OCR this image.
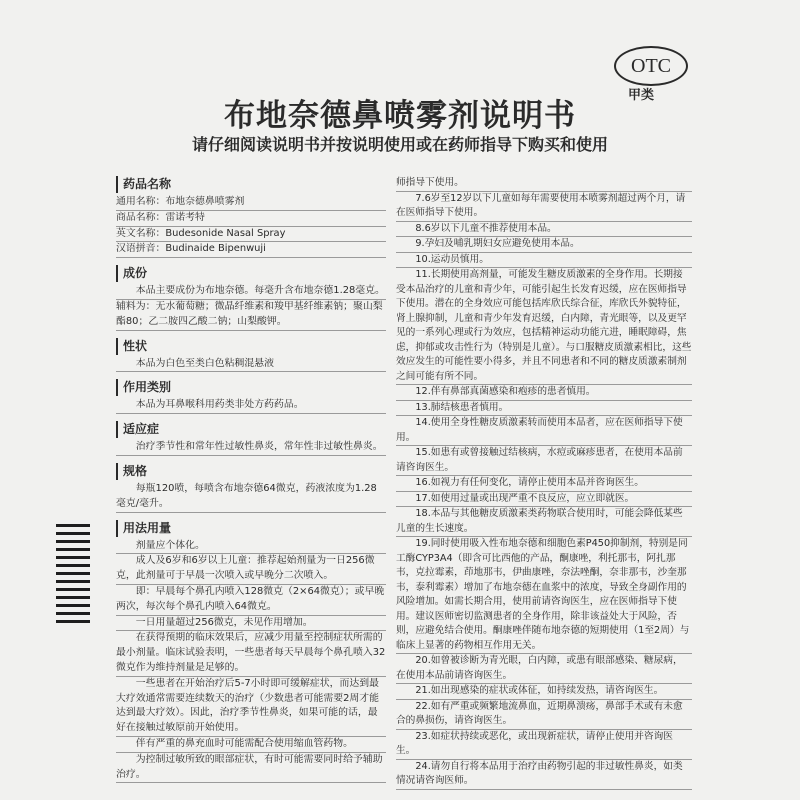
OTC
甲类
布地奈德鼻喷雾剂说明书
请仔细阅读说明书并按说明使用或在药师指导下购买和使用
药品名称
通用名称：布地奈德鼻喷雾剂
商品名称：雷诺考特
英文名称：Budesonide Nasal Spray
汉语拼音：Budinaide Bipenwuji
成份
本品主要成份为布地奈德。每毫升含布地奈德1.28毫克。
辅料为：无水葡萄糖；微晶纤维素和羧甲基纤维素钠；聚山梨酯80；乙二胺四乙酸二钠；山梨酸钾。
性状
本品为白色至类白色粘稠混悬液
作用类别
本品为耳鼻喉科用药类非处方药药品。
适应症
治疗季节性和常年性过敏性鼻炎，常年性非过敏性鼻炎。
规格
每瓶120喷，每喷含布地奈德64微克，药液浓度为1.28毫克/毫升。
用法用量
剂量应个体化。
成人及6岁和6岁以上儿童：推荐起始剂量为一日256微克，此剂量可于早晨一次喷入或早晚分二次喷入。
即：早晨每个鼻孔内喷入128微克（2×64微克）；或早晚两次，每次每个鼻孔内喷入64微克。
一日用量超过256微克，未见作用增加。
在获得预期的临床效果后，应减少用量至控制症状所需的最小剂量。临床试验表明，一些患者每天早晨每个鼻孔喷入32微克作为维持剂量是足够的。
一些患者在开始治疗后5-7小时即可缓解症状，而达到最大疗效通常需要连续数天的治疗（少数患者可能需要2周才能达到最大疗效）。因此，治疗季节性鼻炎，如果可能的话，最好在接触过敏原前开始使用。
伴有严重的鼻充血时可能需配合使用缩血管药物。
为控制过敏所致的眼部症状，有时可能需要同时给予辅助治疗。
师指导下使用。
7.6岁至12岁以下儿童如每年需要使用本喷雾剂超过两个月，请在医师指导下使用。
8.6岁以下儿童不推荐使用本品。
9.孕妇及哺乳期妇女应避免使用本品。
10.运动员慎用。
11.长期使用高剂量，可能发生糖皮质激素的全身作用。长期接受本品治疗的儿童和青少年，可能引起生长发育迟缓，应在医师指导下使用。潜在的全身效应可能包括库欣氏综合征，库欣氏外貌特征，肾上腺抑制，儿童和青少年发育迟缓，白内障，青光眼等，以及更罕见的一系列心理或行为效应，包括精神运动功能亢进，睡眠障碍，焦虑，抑郁或攻击性行为（特别是儿童）。与口服糖皮质激素相比，这些效应发生的可能性要小得多，并且不同患者和不同的糖皮质激素制剂之间可能有所不同。
12.伴有鼻部真菌感染和疱疹的患者慎用。
13.肺结核患者慎用。
14.使用全身性糖皮质激素转而使用本品者，应在医师指导下使用。
15.如患有或曾接触过结核病，水痘或麻疹患者，在使用本品前请咨询医生。
16.如视力有任何变化，请停止使用本品并咨询医生。
17.如使用过量或出现严重不良反应，应立即就医。
18.本品与其他糖皮质激素类药物联合使用时，可能会降低某些儿童的生长速度。
19.同时使用吸入性布地奈德和细胞色素P450抑制剂，特别是同工酶CYP3A4（即含可比西他的产品，酮康唑，利托那韦，阿扎那韦，克拉霉素，茚地那韦，伊曲康唑，奈法唑酮，奈非那韦，沙奎那韦，泰利霉素）增加了布地奈德在血浆中的浓度，导致全身副作用的风险增加。如需长期合用，使用前请咨询医生，应在医师指导下使用。建议医师密切监测患者的全身作用，除非该益处大于风险，否则，应避免结合使用。酮康唑伴随布地奈德的短期使用（1至2周）与临床上显著的药物相互作用无关。
20.如曾被诊断为青光眼，白内障，或患有眼部感染、糖尿病，在使用本品前请咨询医生。
21.如出现感染的症状或体征，如持续发热，请咨询医生。
22.如有严重或频繁地流鼻血，近期鼻溃疡，鼻部手术或有未愈合的鼻损伤，请咨询医生。
23.如症状持续或恶化，或出现新症状，请停止使用并咨询医生。
24.请勿自行将本品用于治疗由药物引起的非过敏性鼻炎，如类情况请咨询医师。
